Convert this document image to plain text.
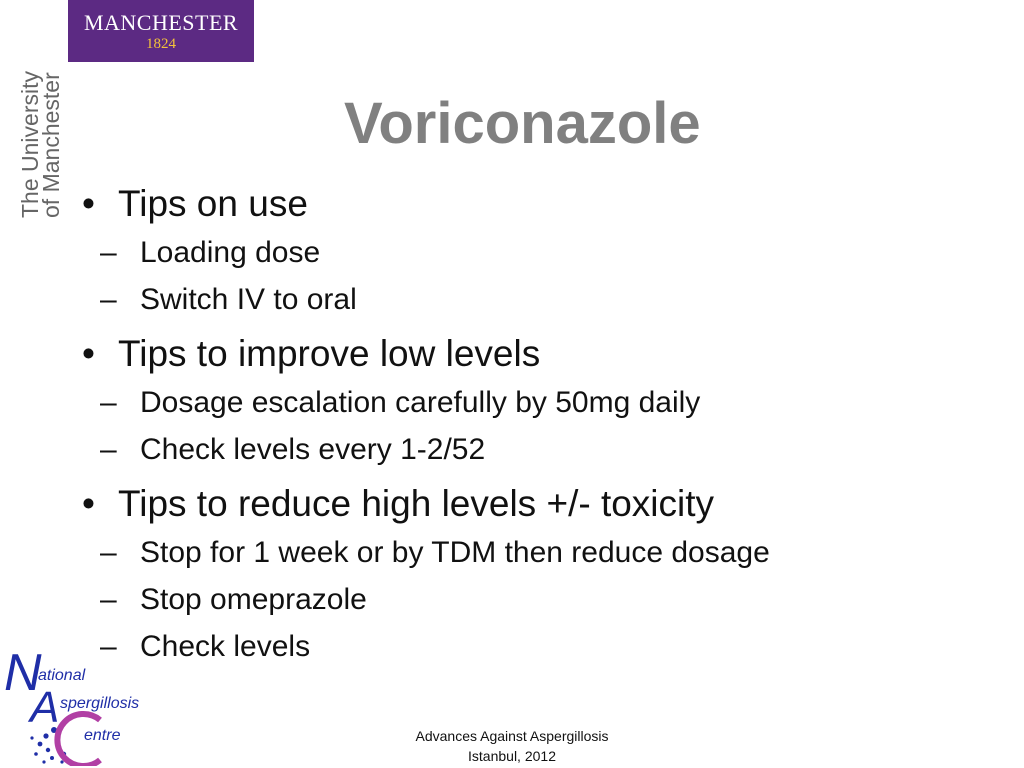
MANCHESTER
1824
The University
of Manchester	Voriconazole
• Tips on use
– Loading dose
– Switch IV to oral
• Tips to improve low levels
– Dosage escalation carefully by 50mg daily
– Check levels every 1-2/52
• Tips to reduce high levels +/- toxicity
– Stop for 1 week or by TDM then reduce dosage
– Stop omeprazole
– Check levels
N
ational
A spergillosis
entre	Advances Against Aspergillosis
Istanbul, 2012
